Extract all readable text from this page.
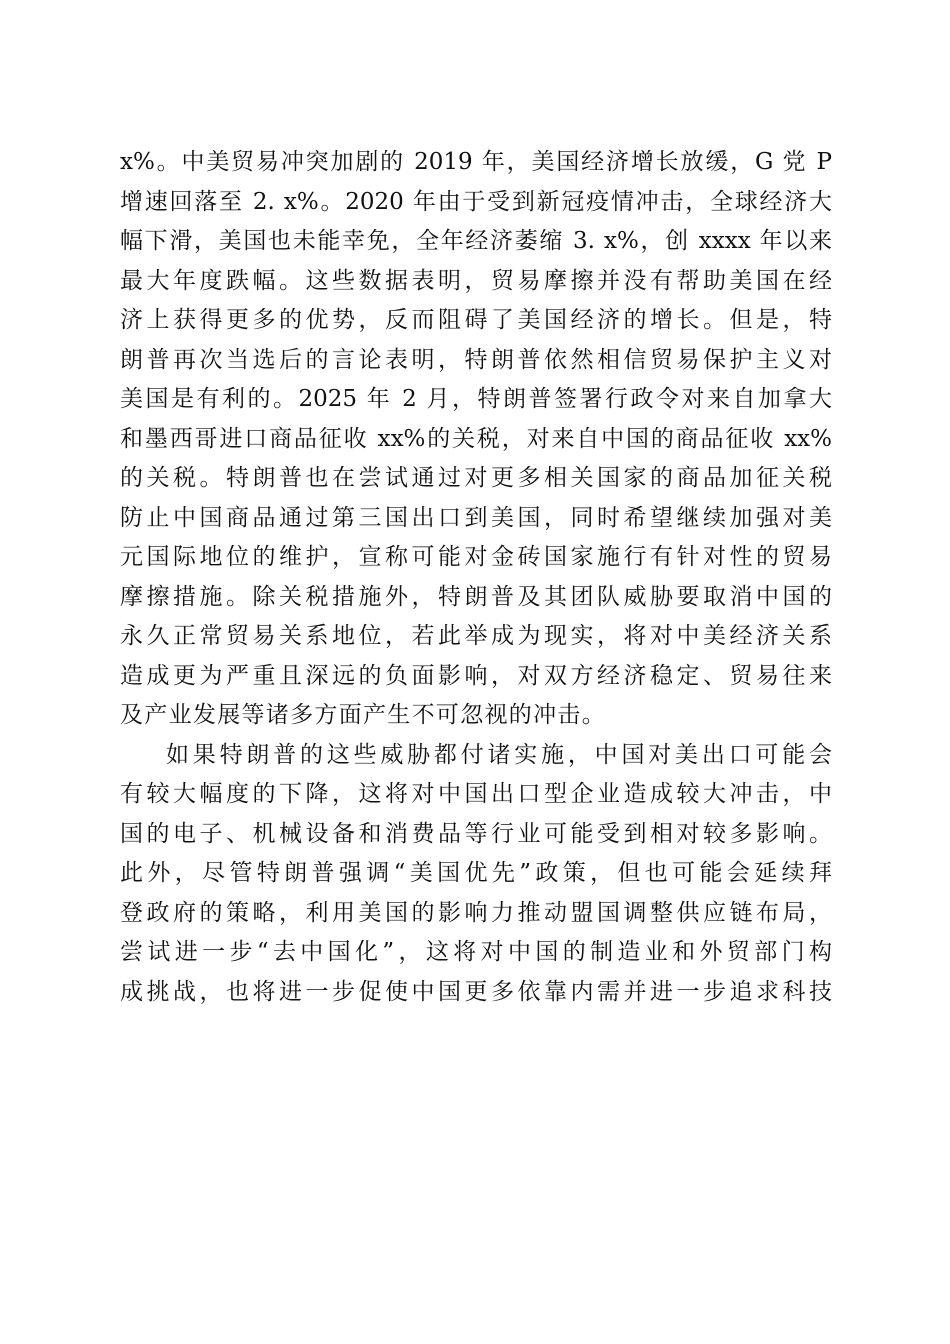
x%。中美贸易冲突加剧的 2019 年，美国经济增长放缓，G 党 P
增速回落至 2. x%。2020 年由于受到新冠疫情冲击，全球经济大
幅下滑，美国也未能幸免，全年经济萎缩 3. x%，创 xxxx 年以来
最大年度跌幅。这些数据表明，贸易摩擦并没有帮助美国在经
济上获得更多的优势，反而阻碍了美国经济的增长。但是，特
朗普再次当选后的言论表明，特朗普依然相信贸易保护主义对
美国是有利的。2025 年 2 月，特朗普签署行政令对来自加拿大
和墨西哥进口商品征收 xx%的关税，对来自中国的商品征收 xx%
的关税。特朗普也在尝试通过对更多相关国家的商品加征关税
防止中国商品通过第三国出口到美国，同时希望继续加强对美
元国际地位的维护，宣称可能对金砖国家施行有针对性的贸易
摩擦措施。除关税措施外，特朗普及其团队威胁要取消中国的
永久正常贸易关系地位，若此举成为现实，将对中美经济关系
造成更为严重且深远的负面影响，对双方经济稳定、贸易往来
及产业发展等诸多方面产生不可忽视的冲击。
如果特朗普的这些威胁都付诸实施，中国对美出口可能会
有较大幅度的下降，这将对中国出口型企业造成较大冲击，中
国的电子、机械设备和消费品等行业可能受到相对较多影响。
此外，尽管特朗普强调“美国优先”政策，但也可能会延续拜
登政府的策略，利用美国的影响力推动盟国调整供应链布局，
尝试进一步“去中国化”，这将对中国的制造业和外贸部门构
成挑战，也将进一步促使中国更多依靠内需并进一步追求科技
